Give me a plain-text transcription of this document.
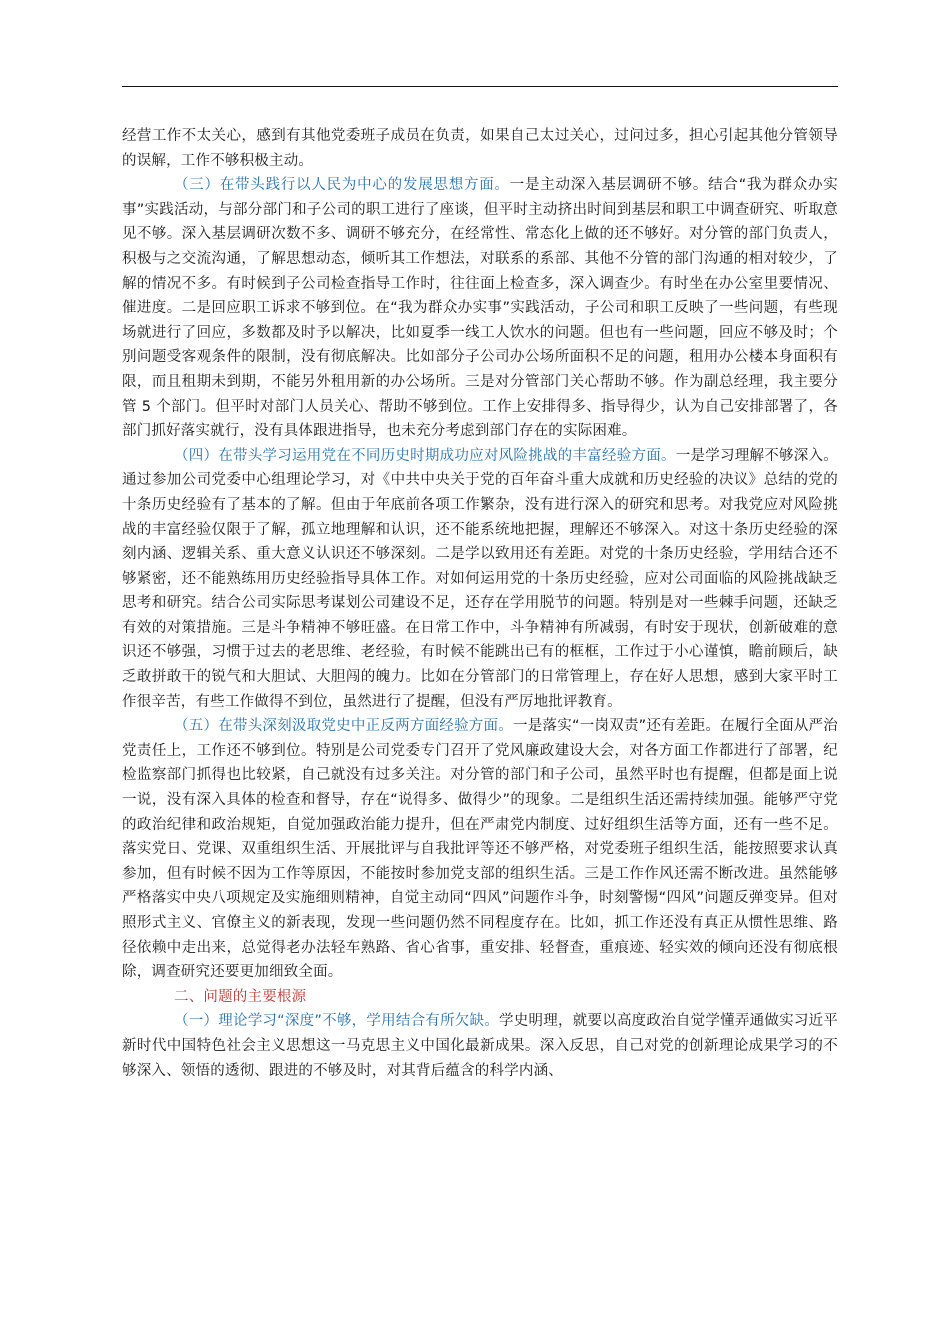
经营工作不太关心，感到有其他党委班子成员在负责，如果自己太过关心，过问过多，担心引起其他分管领导的误解，工作不够积极主动。

（三）在带头践行以人民为中心的发展思想方面。一是主动深入基层调研不够。结合“我为群众办实事”实践活动，与部分部门和子公司的职工进行了座谈，但平时主动挤出时间到基层和职工中调查研究、听取意见不够。深入基层调研次数不多、调研不够充分，在经常性、常态化上做的还不够好。对分管的部门负责人，积极与之交流沟通，了解思想动态，倾听其工作想法，对联系的系部、其他不分管的部门沟通的相对较少，了解的情况不多。有时候到子公司检查指导工作时，往往面上检查多，深入调查少。有时坐在办公室里要情况、催进度。二是回应职工诉求不够到位。在“我为群众办实事”实践活动，子公司和职工反映了一些问题，有些现场就进行了回应，多数都及时予以解决，比如夏季一线工人饮水的问题。但也有一些问题，回应不够及时；个别问题受客观条件的限制，没有彻底解决。比如部分子公司办公场所面积不足的问题，租用办公楼本身面积有限，而且租期未到期，不能另外租用新的办公场所。三是对分管部门关心帮助不够。作为副总经理，我主要分管 5 个部门。但平时对部门人员关心、帮助不够到位。工作上安排得多、指导得少，认为自己安排部署了，各部门抓好落实就行，没有具体跟进指导，也未充分考虑到部门存在的实际困难。

（四）在带头学习运用党在不同历史时期成功应对风险挑战的丰富经验方面。一是学习理解不够深入。通过参加公司党委中心组理论学习，对《中共中央关于党的百年奋斗重大成就和历史经验的决议》总结的党的十条历史经验有了基本的了解。但由于年底前各项工作繁杂，没有进行深入的研究和思考。对我党应对风险挑战的丰富经验仅限于了解，孤立地理解和认识，还不能系统地把握，理解还不够深入。对这十条历史经验的深刻内涵、逻辑关系、重大意义认识还不够深刻。二是学以致用还有差距。对党的十条历史经验，学用结合还不够紧密，还不能熟练用历史经验指导具体工作。对如何运用党的十条历史经验，应对公司面临的风险挑战缺乏思考和研究。结合公司实际思考谋划公司建设不足，还存在学用脱节的问题。特别是对一些棘手问题，还缺乏有效的对策措施。三是斗争精神不够旺盛。在日常工作中，斗争精神有所减弱，有时安于现状，创新破难的意识还不够强，习惯于过去的老思维、老经验，有时候不能跳出已有的框框，工作过于小心谨慎，瞻前顾后，缺乏敢拼敢干的锐气和大胆试、大胆闯的魄力。比如在分管部门的日常管理上，存在好人思想，感到大家平时工作很辛苦，有些工作做得不到位，虽然进行了提醒，但没有严厉地批评教育。

（五）在带头深刻汲取党史中正反两方面经验方面。一是落实“一岗双责”还有差距。在履行全面从严治党责任上，工作还不够到位。特别是公司党委专门召开了党风廉政建设大会，对各方面工作都进行了部署，纪检监察部门抓得也比较紧，自己就没有过多关注。对分管的部门和子公司，虽然平时也有提醒，但都是面上说一说，没有深入具体的检查和督导，存在“说得多、做得少”的现象。二是组织生活还需持续加强。能够严守党的政治纪律和政治规矩，自觉加强政治能力提升，但在严肃党内制度、过好组织生活等方面，还有一些不足。落实党日、党课、双重组织生活、开展批评与自我批评等还不够严格，对党委班子组织生活，能按照要求认真参加，但有时候不因为工作等原因，不能按时参加党支部的组织生活。三是工作作风还需不断改进。虽然能够严格落实中央八项规定及实施细则精神，自觉主动同“四风”问题作斗争，时刻警惕“四风”问题反弹变异。但对照形式主义、官僚主义的新表现，发现一些问题仍然不同程度存在。比如，抓工作还没有真正从惯性思维、路径依赖中走出来，总觉得老办法轻车熟路、省心省事，重安排、轻督查，重痕迹、轻实效的倾向还没有彻底根除，调查研究还要更加细致全面。

二、问题的主要根源

（一）理论学习“深度”不够，学用结合有所欠缺。学史明理，就要以高度政治自觉学懂弄通做实习近平新时代中国特色社会主义思想这一马克思主义中国化最新成果。深入反思，自己对党的创新理论成果学习的不够深入、领悟的透彻、跟进的不够及时，对其背后蕴含的科学内涵、
